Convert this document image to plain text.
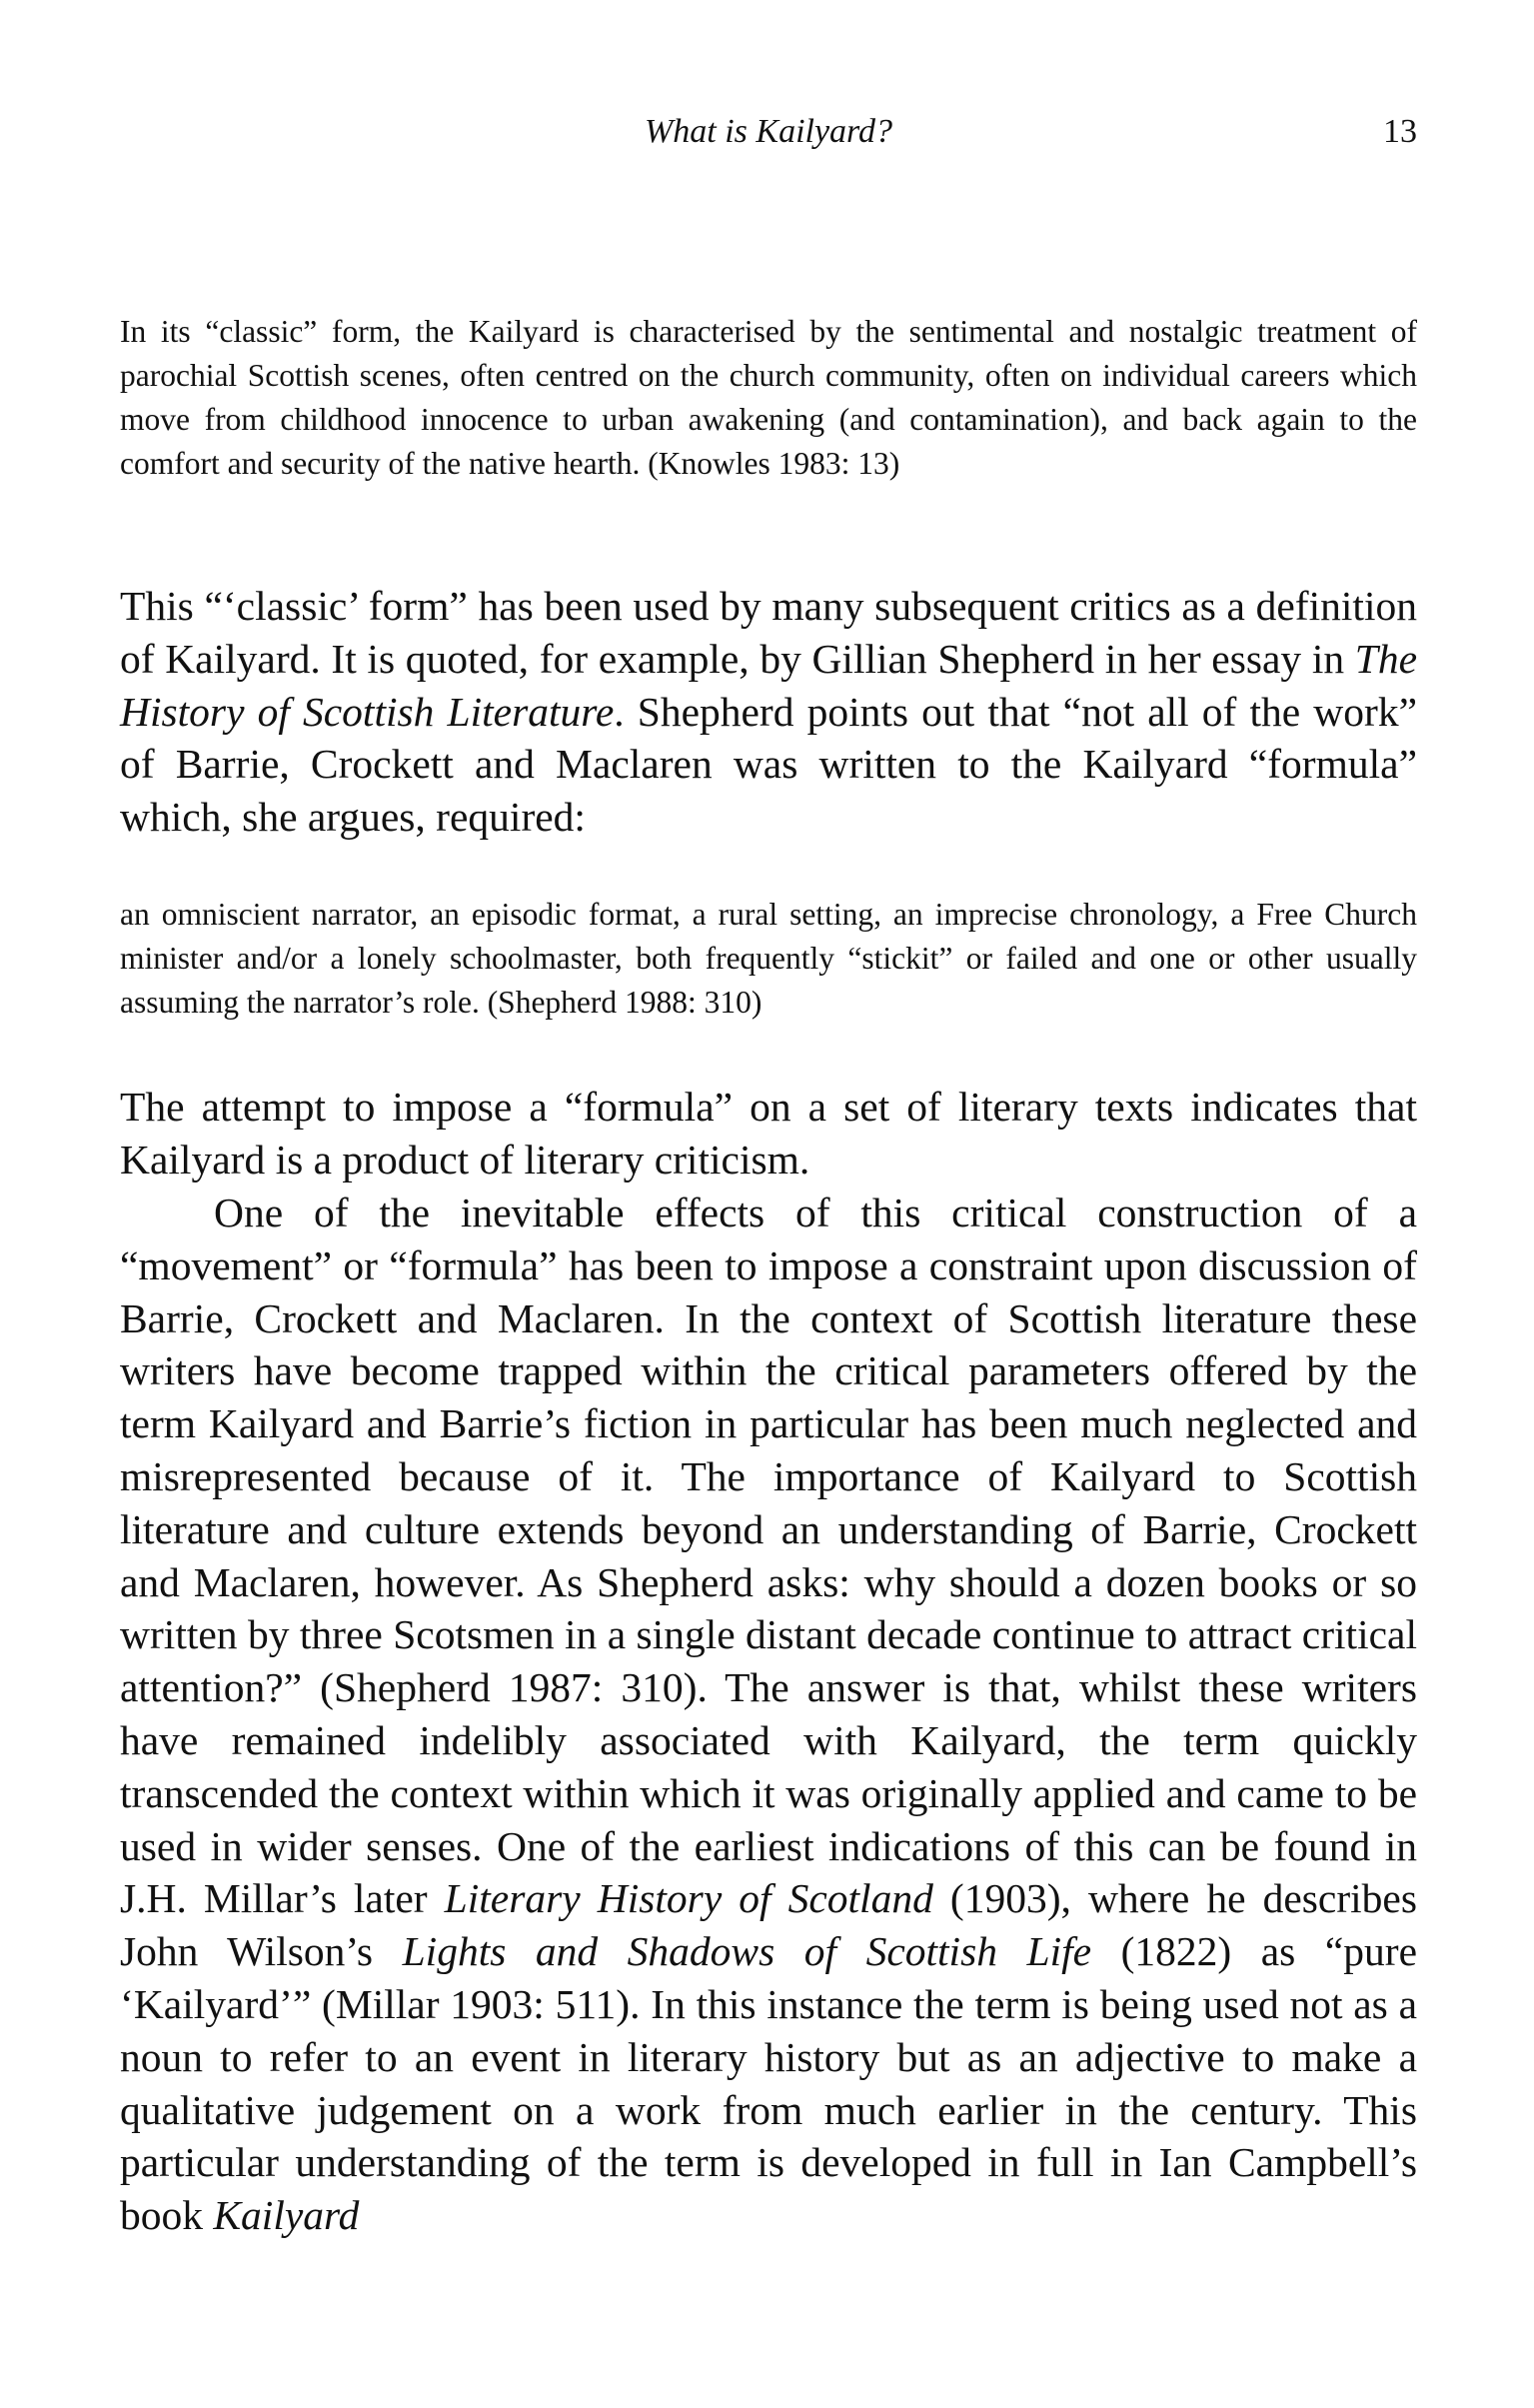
What is Kailyard?	13
In its “classic” form, the Kailyard is characterised by the sentimental and nostalgic treatment of parochial Scottish scenes, often centred on the church community, often on individual careers which move from childhood innocence to urban awakening (and contamination), and back again to the comfort and security of the native hearth. (Knowles 1983: 13)
This “‘classic’ form” has been used by many subsequent critics as a definition of Kailyard. It is quoted, for example, by Gillian Shepherd in her essay in The History of Scottish Literature. Shepherd points out that “not all of the work” of Barrie, Crockett and Maclaren was written to the Kailyard “formula” which, she argues, required:
an omniscient narrator, an episodic format, a rural setting, an imprecise chronology, a Free Church minister and/or a lonely schoolmaster, both frequently “stickit” or failed and one or other usually assuming the narrator’s role. (Shepherd 1988: 310)
The attempt to impose a “formula” on a set of literary texts indicates that Kailyard is a product of literary criticism.
One of the inevitable effects of this critical construction of a “movement” or “formula” has been to impose a constraint upon discussion of Barrie, Crockett and Maclaren. In the context of Scottish literature these writers have become trapped within the critical parameters offered by the term Kailyard and Barrie’s fiction in particular has been much neglected and misrepresented because of it. The importance of Kailyard to Scottish literature and culture extends beyond an understanding of Barrie, Crockett and Maclaren, however. As Shepherd asks: why should a dozen books or so written by three Scotsmen in a single distant decade continue to attract critical attention?” (Shepherd 1987: 310). The answer is that, whilst these writers have remained indelibly associated with Kailyard, the term quickly transcended the context within which it was originally applied and came to be used in wider senses. One of the earliest indications of this can be found in J.H. Millar’s later Literary History of Scotland (1903), where he describes John Wilson’s Lights and Shadows of Scottish Life (1822) as “pure ‘Kailyard’” (Millar 1903: 511). In this instance the term is being used not as a noun to refer to an event in literary history but as an adjective to make a qualitative judgement on a work from much earlier in the century. This particular understanding of the term is developed in full in Ian Campbell’s book Kailyard
